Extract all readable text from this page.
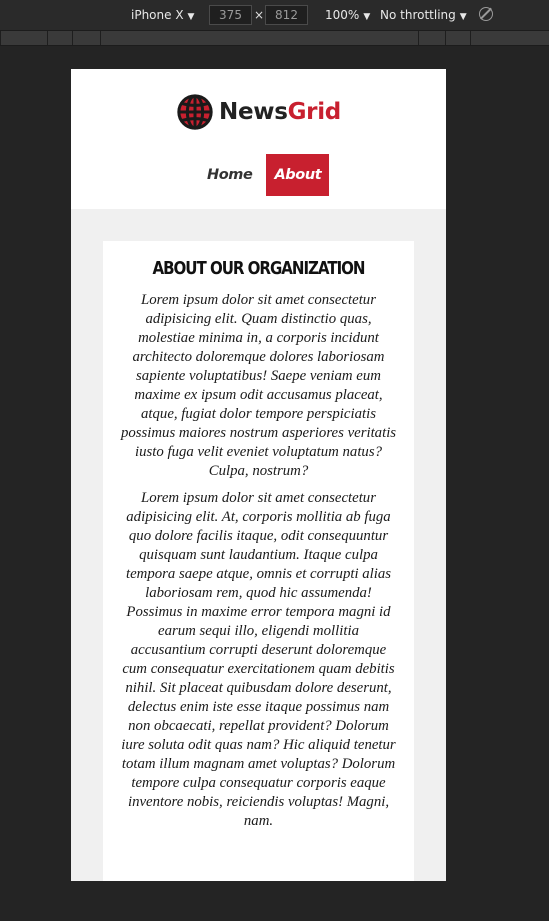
iPhone X ▼	375	× 812	100% ▼ No throttling ▼
NewsGrid
Home	About
ABOUT OUR ORGANIZATION

Lorem ipsum dolor sit amet consectetur adipisicing elit. Quam distinctio quas, molestiae minima in, a corporis incidunt architecto doloremque dolores laboriosam sapiente voluptatibus! Saepe veniam eum maxime ex ipsum odit accusamus placeat, atque, fugiat dolor tempore perspiciatis possimus maiores nostrum asperiores veritatis iusto fuga velit eveniet voluptatum natus? Culpa, nostrum?

Lorem ipsum dolor sit amet consectetur adipisicing elit. At, corporis mollitia ab fuga quo dolore facilis itaque, odit consequuntur quisquam sunt laudantium. Itaque culpa tempora saepe atque, omnis et corrupti alias laboriosam rem, quod hic assumenda! Possimus in maxime error tempora magni id earum sequi illo, eligendi mollitia accusantium corrupti deserunt doloremque cum consequatur exercitationem quam debitis nihil. Sit placeat quibusdam dolore deserunt, delectus enim iste esse itaque possimus nam non obcaecati, repellat provident? Dolorum iure soluta odit quas nam? Hic aliquid tenetur totam illum magnam amet voluptas? Dolorum tempore culpa consequatur corporis eaque inventore nobis, reiciendis voluptas! Magni, nam.
